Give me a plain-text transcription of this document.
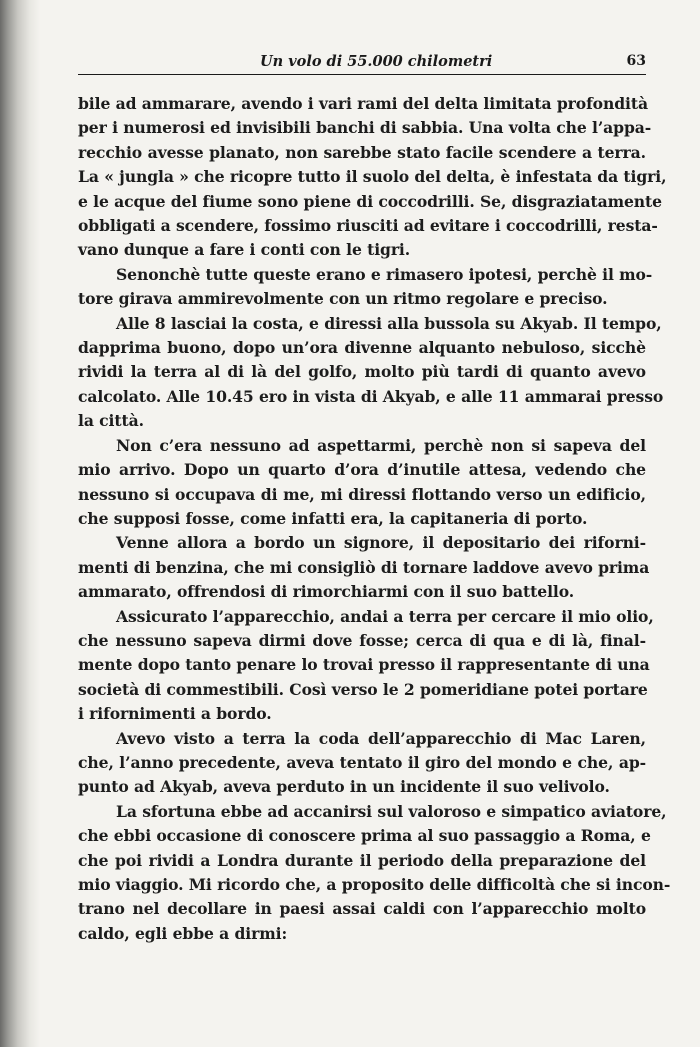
Un volo di 55.000 chilometri	63
bile ad ammarare, avendo i vari rami del delta limitata profondità
per i numerosi ed invisibili banchi di sabbia. Una volta che l’appa-
recchio avesse planato, non sarebbe stato facile scendere a terra.
La « jungla » che ricopre tutto il suolo del delta, è infestata da tigri,
e le acque del fiume sono piene di coccodrilli. Se, disgraziatamente
obbligati a scendere, fossimo riusciti ad evitare i coccodrilli, resta-
vano dunque a fare i conti con le tigri.
Senonchè tutte queste erano e rimasero ipotesi, perchè il mo-
tore girava ammirevolmente con un ritmo regolare e preciso.
Alle 8 lasciai la costa, e diressi alla bussola su Akyab. Il tempo,
dapprima buono, dopo un’ora divenne alquanto nebuloso, sicchè
rividi la terra al di là del golfo, molto più tardi di quanto avevo
calcolato. Alle 10.45 ero in vista di Akyab, e alle 11 ammarai presso
la città.
Non c’era nessuno ad aspettarmi, perchè non si sapeva del
mio arrivo. Dopo un quarto d’ora d’inutile attesa, vedendo che
nessuno si occupava di me, mi diressi flottando verso un edificio,
che supposi fosse, come infatti era, la capitaneria di porto.
Venne allora a bordo un signore, il depositario dei riforni-
menti di benzina, che mi consigliò di tornare laddove avevo prima
ammarato, offrendosi di rimorchiarmi con il suo battello.
Assicurato l’apparecchio, andai a terra per cercare il mio olio,
che nessuno sapeva dirmi dove fosse; cerca di qua e di là, final-
mente dopo tanto penare lo trovai presso il rappresentante di una
società di commestibili. Così verso le 2 pomeridiane potei portare
i rifornimenti a bordo.
Avevo visto a terra la coda dell’apparecchio di Mac Laren,
che, l’anno precedente, aveva tentato il giro del mondo e che, ap-
punto ad Akyab, aveva perduto in un incidente il suo velivolo.
La sfortuna ebbe ad accanirsi sul valoroso e simpatico aviatore,
che ebbi occasione di conoscere prima al suo passaggio a Roma, e
che poi rividi a Londra durante il periodo della preparazione del
mio viaggio. Mi ricordo che, a proposito delle difficoltà che si incon-
trano nel decollare in paesi assai caldi con l’apparecchio molto
caldo, egli ebbe a dirmi:
